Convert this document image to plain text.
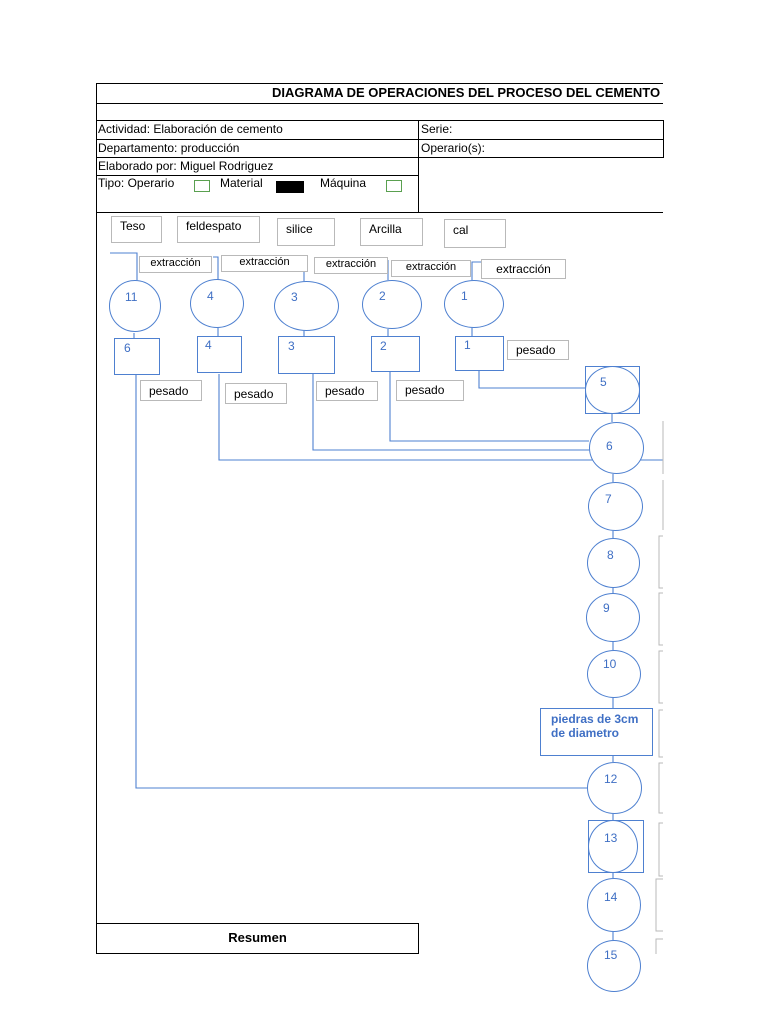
DIAGRAMA DE OPERACIONES DEL PROCESO DEL CEMENTO
Actividad: Elaboración de cemento	Serie:
Departamento: producción	Operario(s):
Elaborado por: Miguel Rodriguez
Tipo: Operario	Material	Máquina
Teso	feldespato	silice	Arcilla	cal
extracción	extracción	extracción	extracción	extracción
11	4	3	2	1
6	4	3	2	1	pesado
pesado	pesado	pesado	pesado
5
6
7
8
9
10
piedras de 3cm de diametro
12
13
14
15
Resumen
